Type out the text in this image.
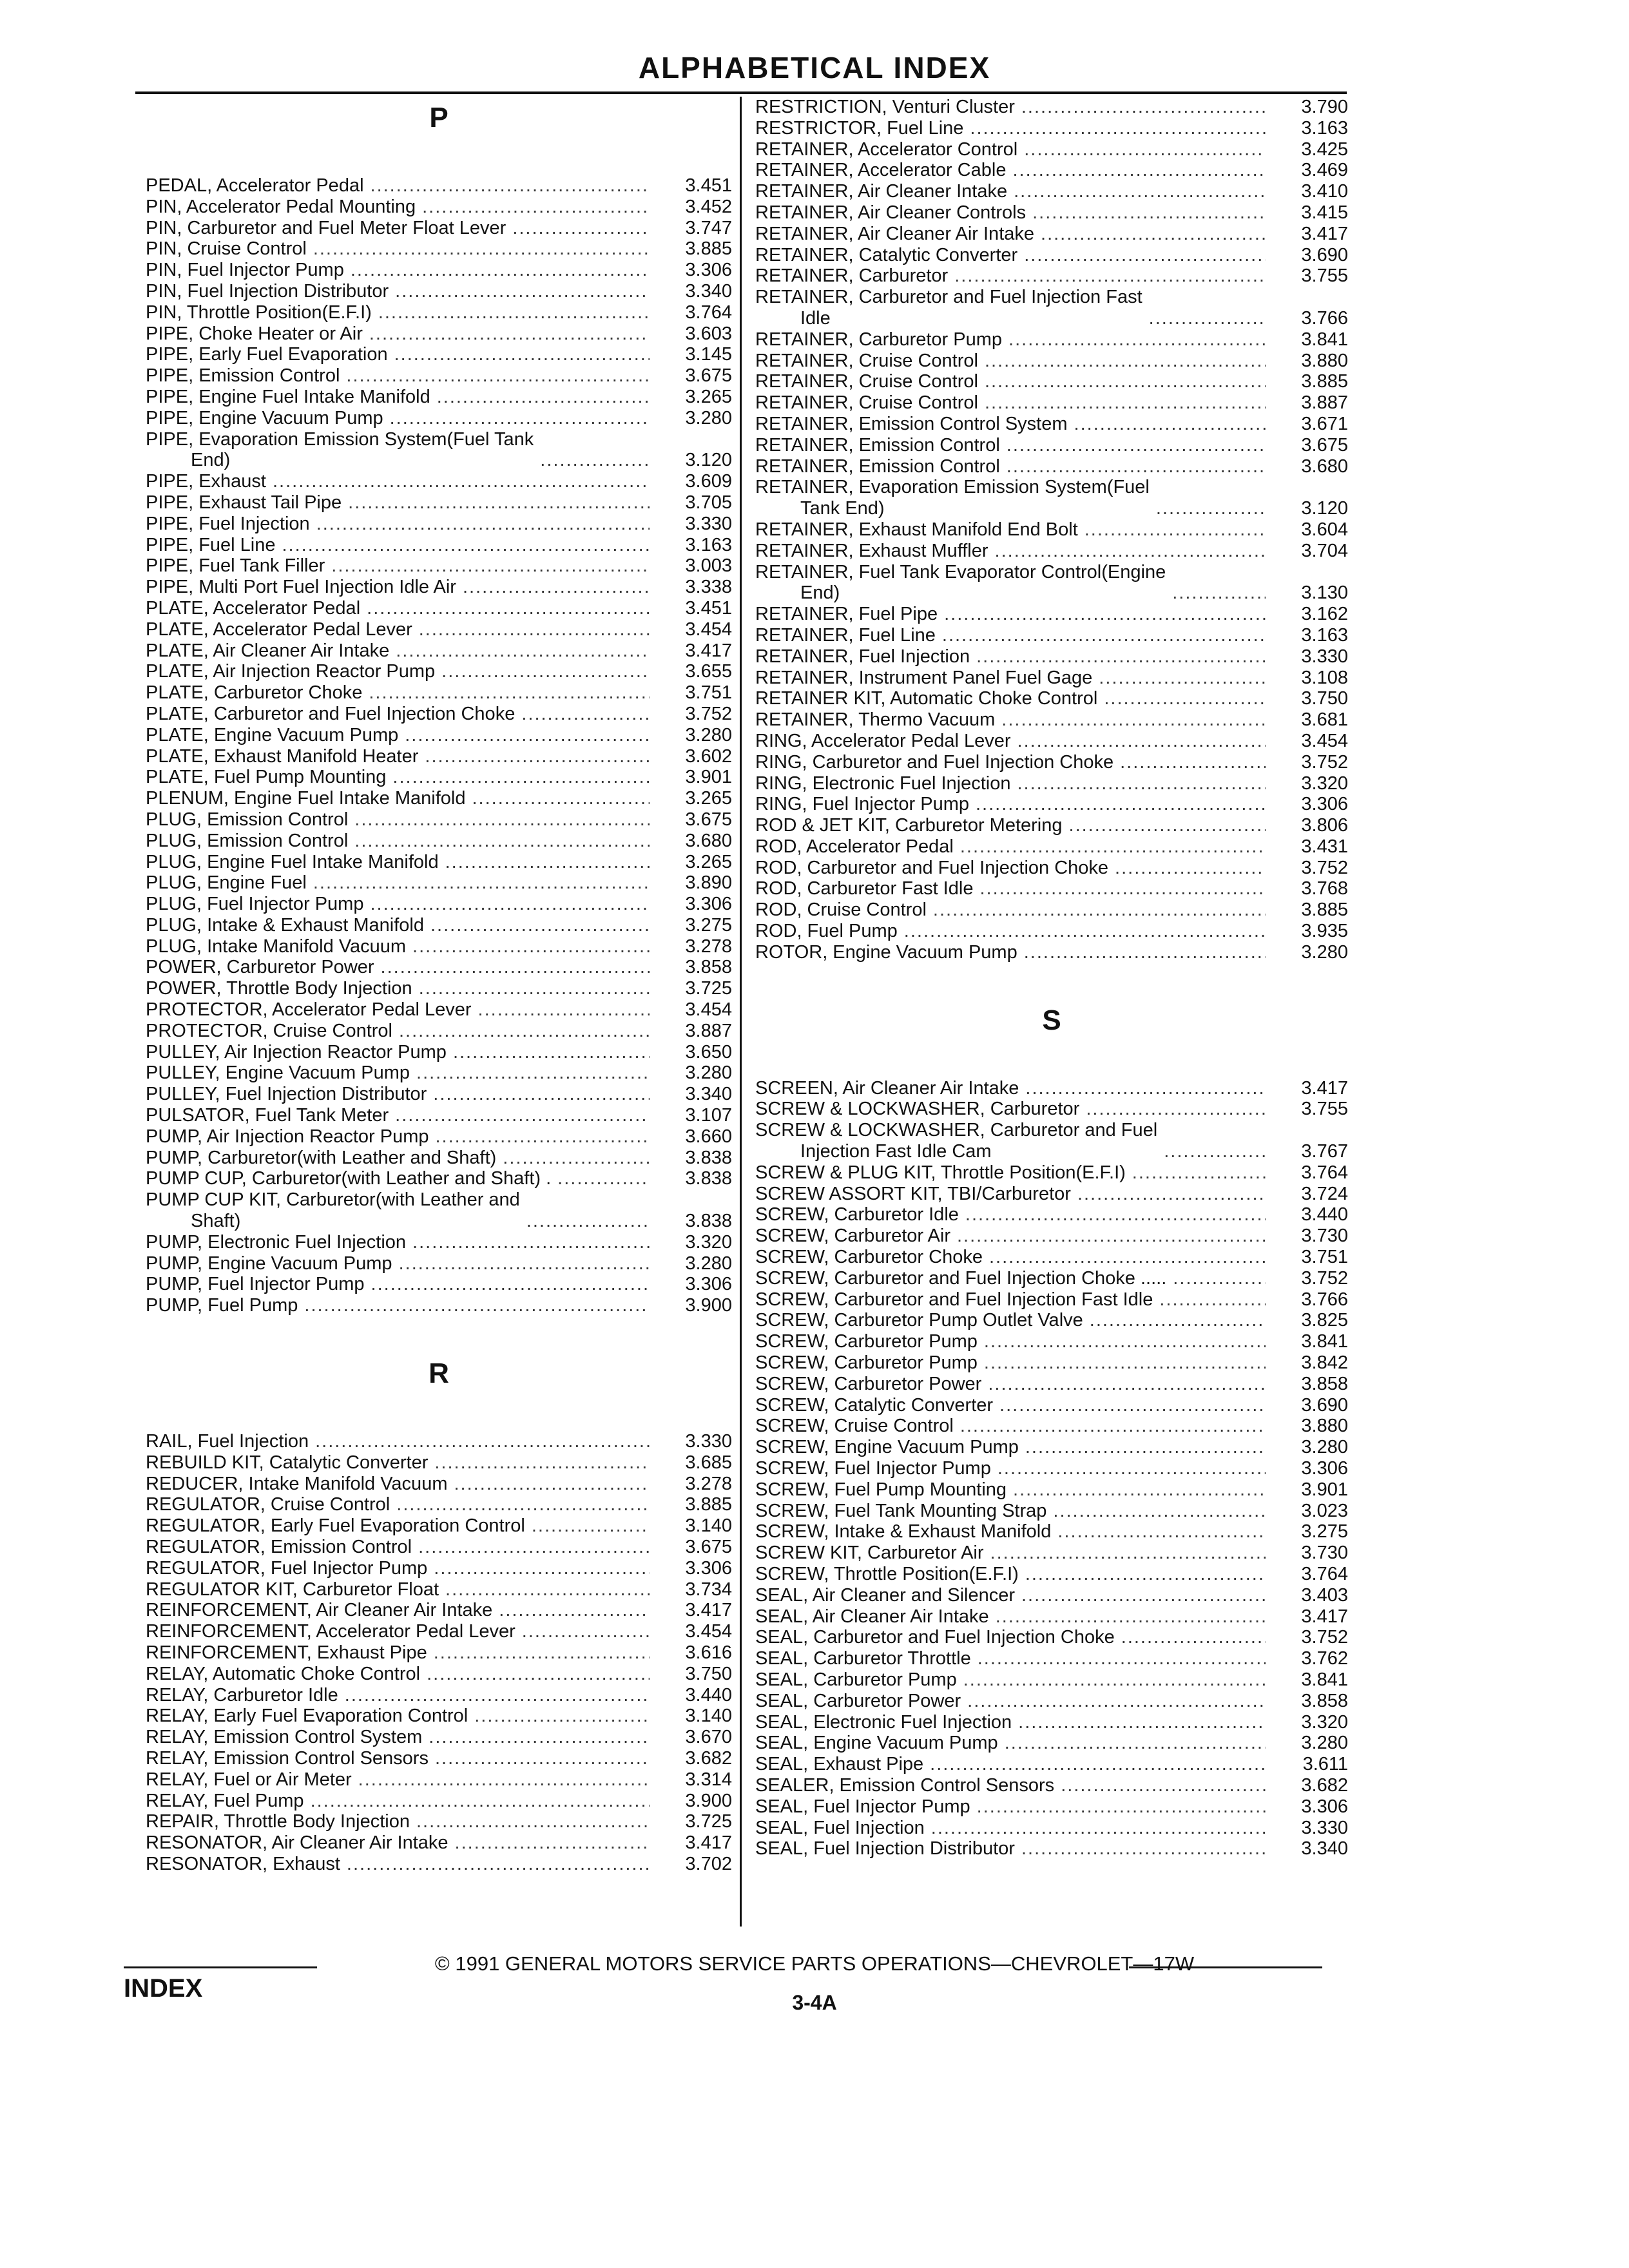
ALPHABETICAL INDEX
P
PEDAL, Accelerator Pedal .....	3.451
PIN, Accelerator Pedal Mounting .....	3.452
PIN, Carburetor and Fuel Meter Float Lever .....	3.747
PIN, Cruise Control .....	3.885
PIN, Fuel Injector Pump .....	3.306
PIN, Fuel Injection Distributor .....	3.340
PIN, Throttle Position(E.F.I) .....	3.764
PIPE, Choke Heater or Air .....	3.603
PIPE, Early Fuel Evaporation .....	3.145
PIPE, Emission Control .....	3.675
PIPE, Engine Fuel Intake Manifold .....	3.265
PIPE, Engine Vacuum Pump .....	3.280
PIPE, Evaporation Emission System(Fuel Tank
End) .....	3.120
PIPE, Exhaust .....	3.609
PIPE, Exhaust Tail Pipe .....	3.705
PIPE, Fuel Injection .....	3.330
PIPE, Fuel Line .....	3.163
PIPE, Fuel Tank Filler .....	3.003
PIPE, Multi Port Fuel Injection Idle Air .....	3.338
PLATE, Accelerator Pedal .....	3.451
PLATE, Accelerator Pedal Lever .....	3.454
PLATE, Air Cleaner Air Intake .....	3.417
PLATE, Air Injection Reactor Pump .....	3.655
PLATE, Carburetor Choke .....	3.751
PLATE, Carburetor and Fuel Injection Choke .....	3.752
PLATE, Engine Vacuum Pump .....	3.280
PLATE, Exhaust Manifold Heater .....	3.602
PLATE, Fuel Pump Mounting .....	3.901
PLENUM, Engine Fuel Intake Manifold .....	3.265
PLUG, Emission Control .....	3.675
PLUG, Emission Control .....	3.680
PLUG, Engine Fuel Intake Manifold .....	3.265
PLUG, Engine Fuel .....	3.890
PLUG, Fuel Injector Pump .....	3.306
PLUG, Intake & Exhaust Manifold .....	3.275
PLUG, Intake Manifold Vacuum .....	3.278
POWER, Carburetor Power .....	3.858
POWER, Throttle Body Injection .....	3.725
PROTECTOR, Accelerator Pedal Lever .....	3.454
PROTECTOR, Cruise Control .....	3.887
PULLEY, Air Injection Reactor Pump .....	3.650
PULLEY, Engine Vacuum Pump .....	3.280
PULLEY, Fuel Injection Distributor .....	3.340
PULSATOR, Fuel Tank Meter .....	3.107
PUMP, Air Injection Reactor Pump .....	3.660
PUMP, Carburetor(with Leather and Shaft) .....	3.838
PUMP CUP, Carburetor(with Leather and Shaft) . .....	3.838
PUMP CUP KIT, Carburetor(with Leather and
Shaft) .....	3.838
PUMP, Electronic Fuel Injection .....	3.320
PUMP, Engine Vacuum Pump .....	3.280
PUMP, Fuel Injector Pump .....	3.306
PUMP, Fuel Pump .....	3.900
R
RAIL, Fuel Injection .....	3.330
REBUILD KIT, Catalytic Converter .....	3.685
REDUCER, Intake Manifold Vacuum .....	3.278
REGULATOR, Cruise Control .....	3.885
REGULATOR, Early Fuel Evaporation Control .....	3.140
REGULATOR, Emission Control .....	3.675
REGULATOR, Fuel Injector Pump .....	3.306
REGULATOR KIT, Carburetor Float .....	3.734
REINFORCEMENT, Air Cleaner Air Intake .....	3.417
REINFORCEMENT, Accelerator Pedal Lever .....	3.454
REINFORCEMENT, Exhaust Pipe .....	3.616
RELAY, Automatic Choke Control .....	3.750
RELAY, Carburetor Idle .....	3.440
RELAY, Early Fuel Evaporation Control .....	3.140
RELAY, Emission Control System .....	3.670
RELAY, Emission Control Sensors .....	3.682
RELAY, Fuel or Air Meter .....	3.314
RELAY, Fuel Pump .....	3.900
REPAIR, Throttle Body Injection .....	3.725
RESONATOR, Air Cleaner Air Intake .....	3.417
RESONATOR, Exhaust .....	3.702
RESTRICTION, Venturi Cluster .....	3.790
RESTRICTOR, Fuel Line .....	3.163
RETAINER, Accelerator Control .....	3.425
RETAINER, Accelerator Cable .....	3.469
RETAINER, Air Cleaner Intake .....	3.410
RETAINER, Air Cleaner Controls .....	3.415
RETAINER, Air Cleaner Air Intake .....	3.417
RETAINER, Catalytic Converter .....	3.690
RETAINER, Carburetor .....	3.755
RETAINER, Carburetor and Fuel Injection Fast
Idle .....	3.766
RETAINER, Carburetor Pump .....	3.841
RETAINER, Cruise Control .....	3.880
RETAINER, Cruise Control .....	3.885
RETAINER, Cruise Control .....	3.887
RETAINER, Emission Control System .....	3.671
RETAINER, Emission Control .....	3.675
RETAINER, Emission Control .....	3.680
RETAINER, Evaporation Emission System(Fuel
Tank End) .....	3.120
RETAINER, Exhaust Manifold End Bolt .....	3.604
RETAINER, Exhaust Muffler .....	3.704
RETAINER, Fuel Tank Evaporator Control(Engine
End) .....	3.130
RETAINER, Fuel Pipe .....	3.162
RETAINER, Fuel Line .....	3.163
RETAINER, Fuel Injection .....	3.330
RETAINER, Instrument Panel Fuel Gage .....	3.108
RETAINER KIT, Automatic Choke Control .....	3.750
RETAINER, Thermo Vacuum .....	3.681
RING, Accelerator Pedal Lever .....	3.454
RING, Carburetor and Fuel Injection Choke .....	3.752
RING, Electronic Fuel Injection .....	3.320
RING, Fuel Injector Pump .....	3.306
ROD & JET KIT, Carburetor Metering .....	3.806
ROD, Accelerator Pedal .....	3.431
ROD, Carburetor and Fuel Injection Choke .....	3.752
ROD, Carburetor Fast Idle .....	3.768
ROD, Cruise Control .....	3.885
ROD, Fuel Pump .....	3.935
ROTOR, Engine Vacuum Pump .....	3.280
S
SCREEN, Air Cleaner Air Intake .....	3.417
SCREW & LOCKWASHER, Carburetor .....	3.755
SCREW & LOCKWASHER, Carburetor and Fuel
Injection Fast Idle Cam .....	3.767
SCREW & PLUG KIT, Throttle Position(E.F.I) .....	3.764
SCREW ASSORT KIT, TBI/Carburetor .....	3.724
SCREW, Carburetor Idle .....	3.440
SCREW, Carburetor Air .....	3.730
SCREW, Carburetor Choke .....	3.751
SCREW, Carburetor and Fuel Injection Choke ..... .....	3.752
SCREW, Carburetor and Fuel Injection Fast Idle .....	3.766
SCREW, Carburetor Pump Outlet Valve .....	3.825
SCREW, Carburetor Pump .....	3.841
SCREW, Carburetor Pump .....	3.842
SCREW, Carburetor Power .....	3.858
SCREW, Catalytic Converter .....	3.690
SCREW, Cruise Control .....	3.880
SCREW, Engine Vacuum Pump .....	3.280
SCREW, Fuel Injector Pump .....	3.306
SCREW, Fuel Pump Mounting .....	3.901
SCREW, Fuel Tank Mounting Strap .....	3.023
SCREW, Intake & Exhaust Manifold .....	3.275
SCREW KIT, Carburetor Air .....	3.730
SCREW, Throttle Position(E.F.I) .....	3.764
SEAL, Air Cleaner and Silencer .....	3.403
SEAL, Air Cleaner Air Intake .....	3.417
SEAL, Carburetor and Fuel Injection Choke .....	3.752
SEAL, Carburetor Throttle .....	3.762
SEAL, Carburetor Pump .....	3.841
SEAL, Carburetor Power .....	3.858
SEAL, Electronic Fuel Injection .....	3.320
SEAL, Engine Vacuum Pump .....	3.280
SEAL, Exhaust Pipe .....	3.611
SEALER, Emission Control Sensors .....	3.682
SEAL, Fuel Injector Pump .....	3.306
SEAL, Fuel Injection .....	3.330
SEAL, Fuel Injection Distributor .....	3.340
© 1991 GENERAL MOTORS SERVICE PARTS OPERATIONS—CHEVROLET—17W
INDEX	3-4A
